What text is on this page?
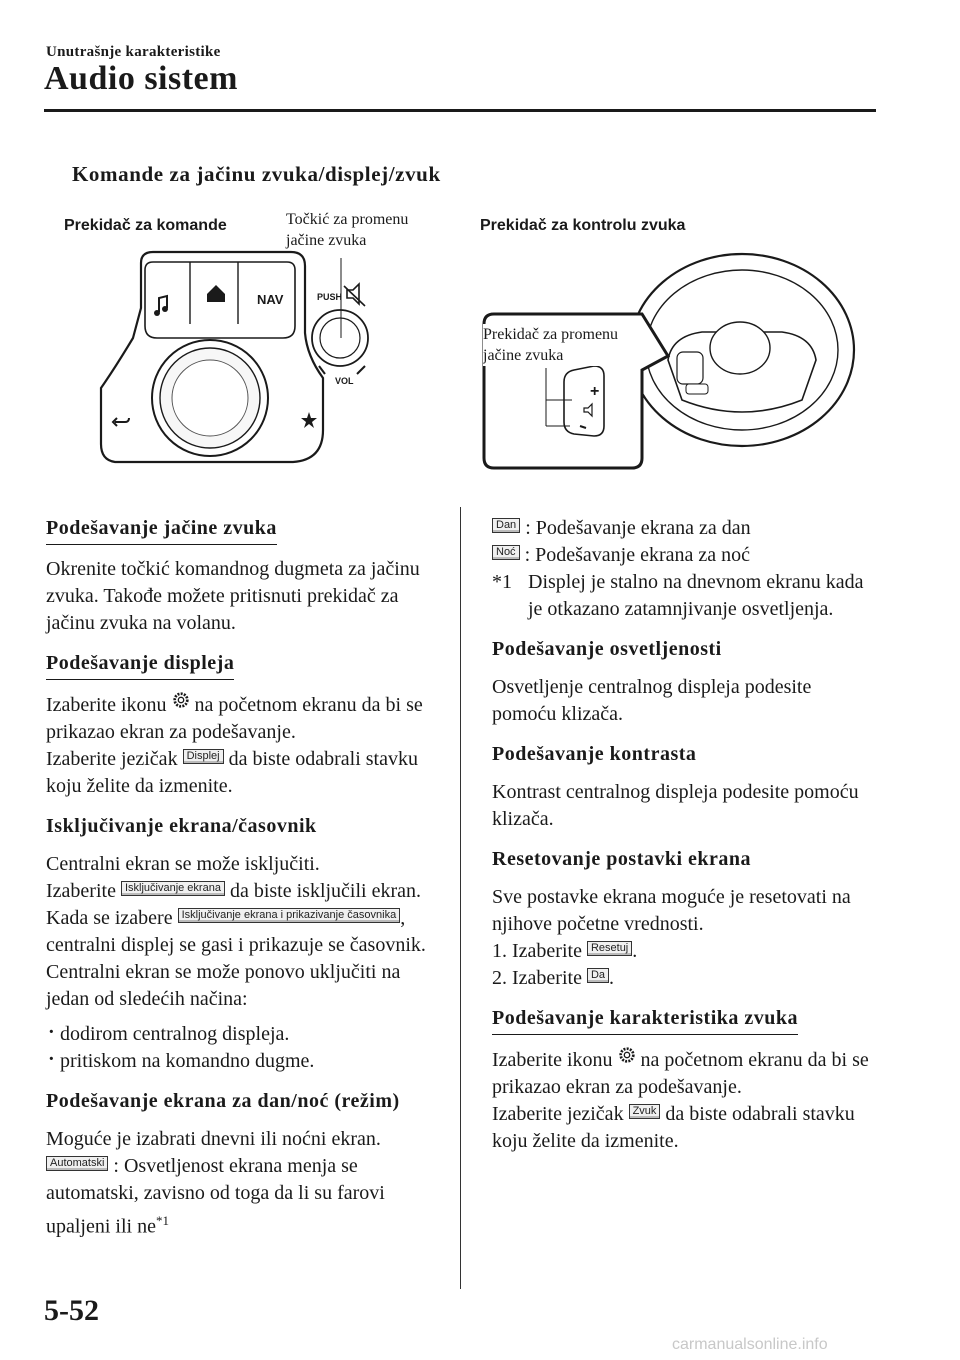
Unutrašnje karakteristike
Audio sistem
Komande za jačinu zvuka/displej/zvuk
Prekidač za komande	Točkić za promenu
jačine zvuka
Prekidač za kontrolu zvuka
NAV	PUSH
VOL
+
Prekidač za promenu
jačine zvuka

Podešavanje jačine zvuka

Okrenite točkić komandnog dugmeta za jačinu zvuka. Takođe možete pritisnuti prekidač za jačinu zvuka na volanu.

Podešavanje displeja

Izaberite ikonu na početnom ekranu da bi se prikazao ekran za podešavanje.
Izaberite jezičak Displej da biste odabrali stavku koju želite da izmenite.

Isključivanje ekrana/časovnik

Centralni ekran se može isključiti.
Izaberite Isključivanje ekrana da biste isključili ekran.
Kada se izabere Isključivanje ekrana i prikazivanje časovnika , centralni displej se gasi i prikazuje se časovnik.
Centralni ekran se može ponovo uključiti na jedan od sledećih načina:

· dodirom centralnog displeja.

· pritiskom na komandno dugme.

Podešavanje ekrana za dan/noć (režim)

Moguće je izabrati dnevni ili noćni ekran.
Automatski : Osvetljenost ekrana menja se automatski, zavisno od toga da li su farovi upaljeni ili $ne^{*1}$

Dan : Podešavanje ekrana za dan

Noć : Podešavanje ekrana za noć

*1 Displej je stalno na dnevnom ekranu kada je otkazano zatamnjivanje osvetljenja.

Podešavanje osvetljenosti

Osvetljenje centralnog displeja podesite pomoću klizača.

Podešavanje kontrasta

Kontrast centralnog displeja podesite pomoću klizača.

Resetovanje postavki ekrana

Sve postavke ekrana moguće je resetovati na njihove početne vrednosti.

1. Izaberite Resetuj .

2. Izaberite Da .

Podešavanje karakteristika zvuka

Izaberite ikonu na početnom ekranu da bi se prikazao ekran za podešavanje.
Izaberite jezičak Zvuk da biste odabrali stavku koju želite da izmenite.

5-52
carmanualsonline.info
